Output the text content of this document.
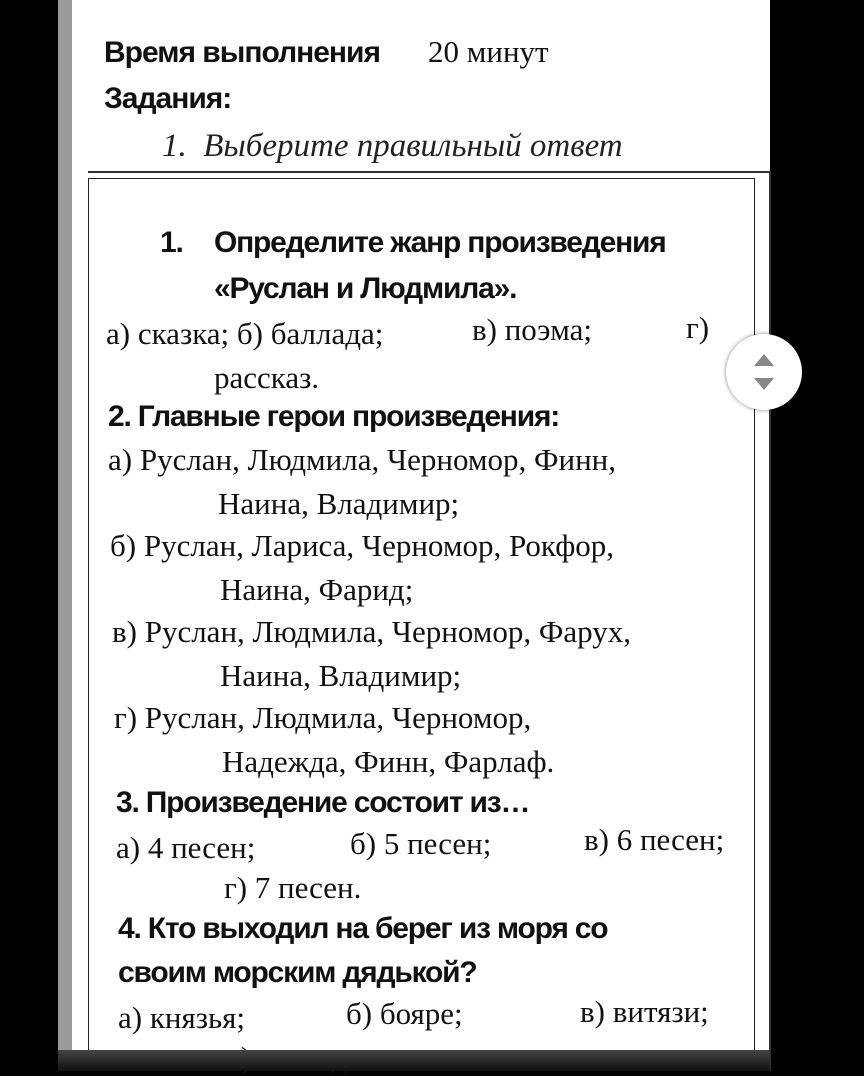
Время выполнения 20 минут
Задания:
1. Выберите правильный ответ
1. Определите жанр произведения
«Руслан и Людмила».
а) сказка; б) баллада;	в) поэма;	г)
рассказ.
2. Главные герои произведения:
а) Руслан, Людмила, Черномор, Финн,
Наина, Владимир;
б) Руслан, Лариса, Черномор, Рокфор,
Наина, Фарид;
в) Руслан, Людмила, Черномор, Фарух,
Наина, Владимир;
г) Руслан, Людмила, Черномор,
Надежда, Финн, Фарлаф.
3. Произведение состоит из…
а) 4 песен;	б) 5 песен;	в) 6 песен;
г) 7 песен.
4. Кто выходил на берег из моря со
своим морским дядькой?
а) князья;	б) бояре;	в) витязи;
